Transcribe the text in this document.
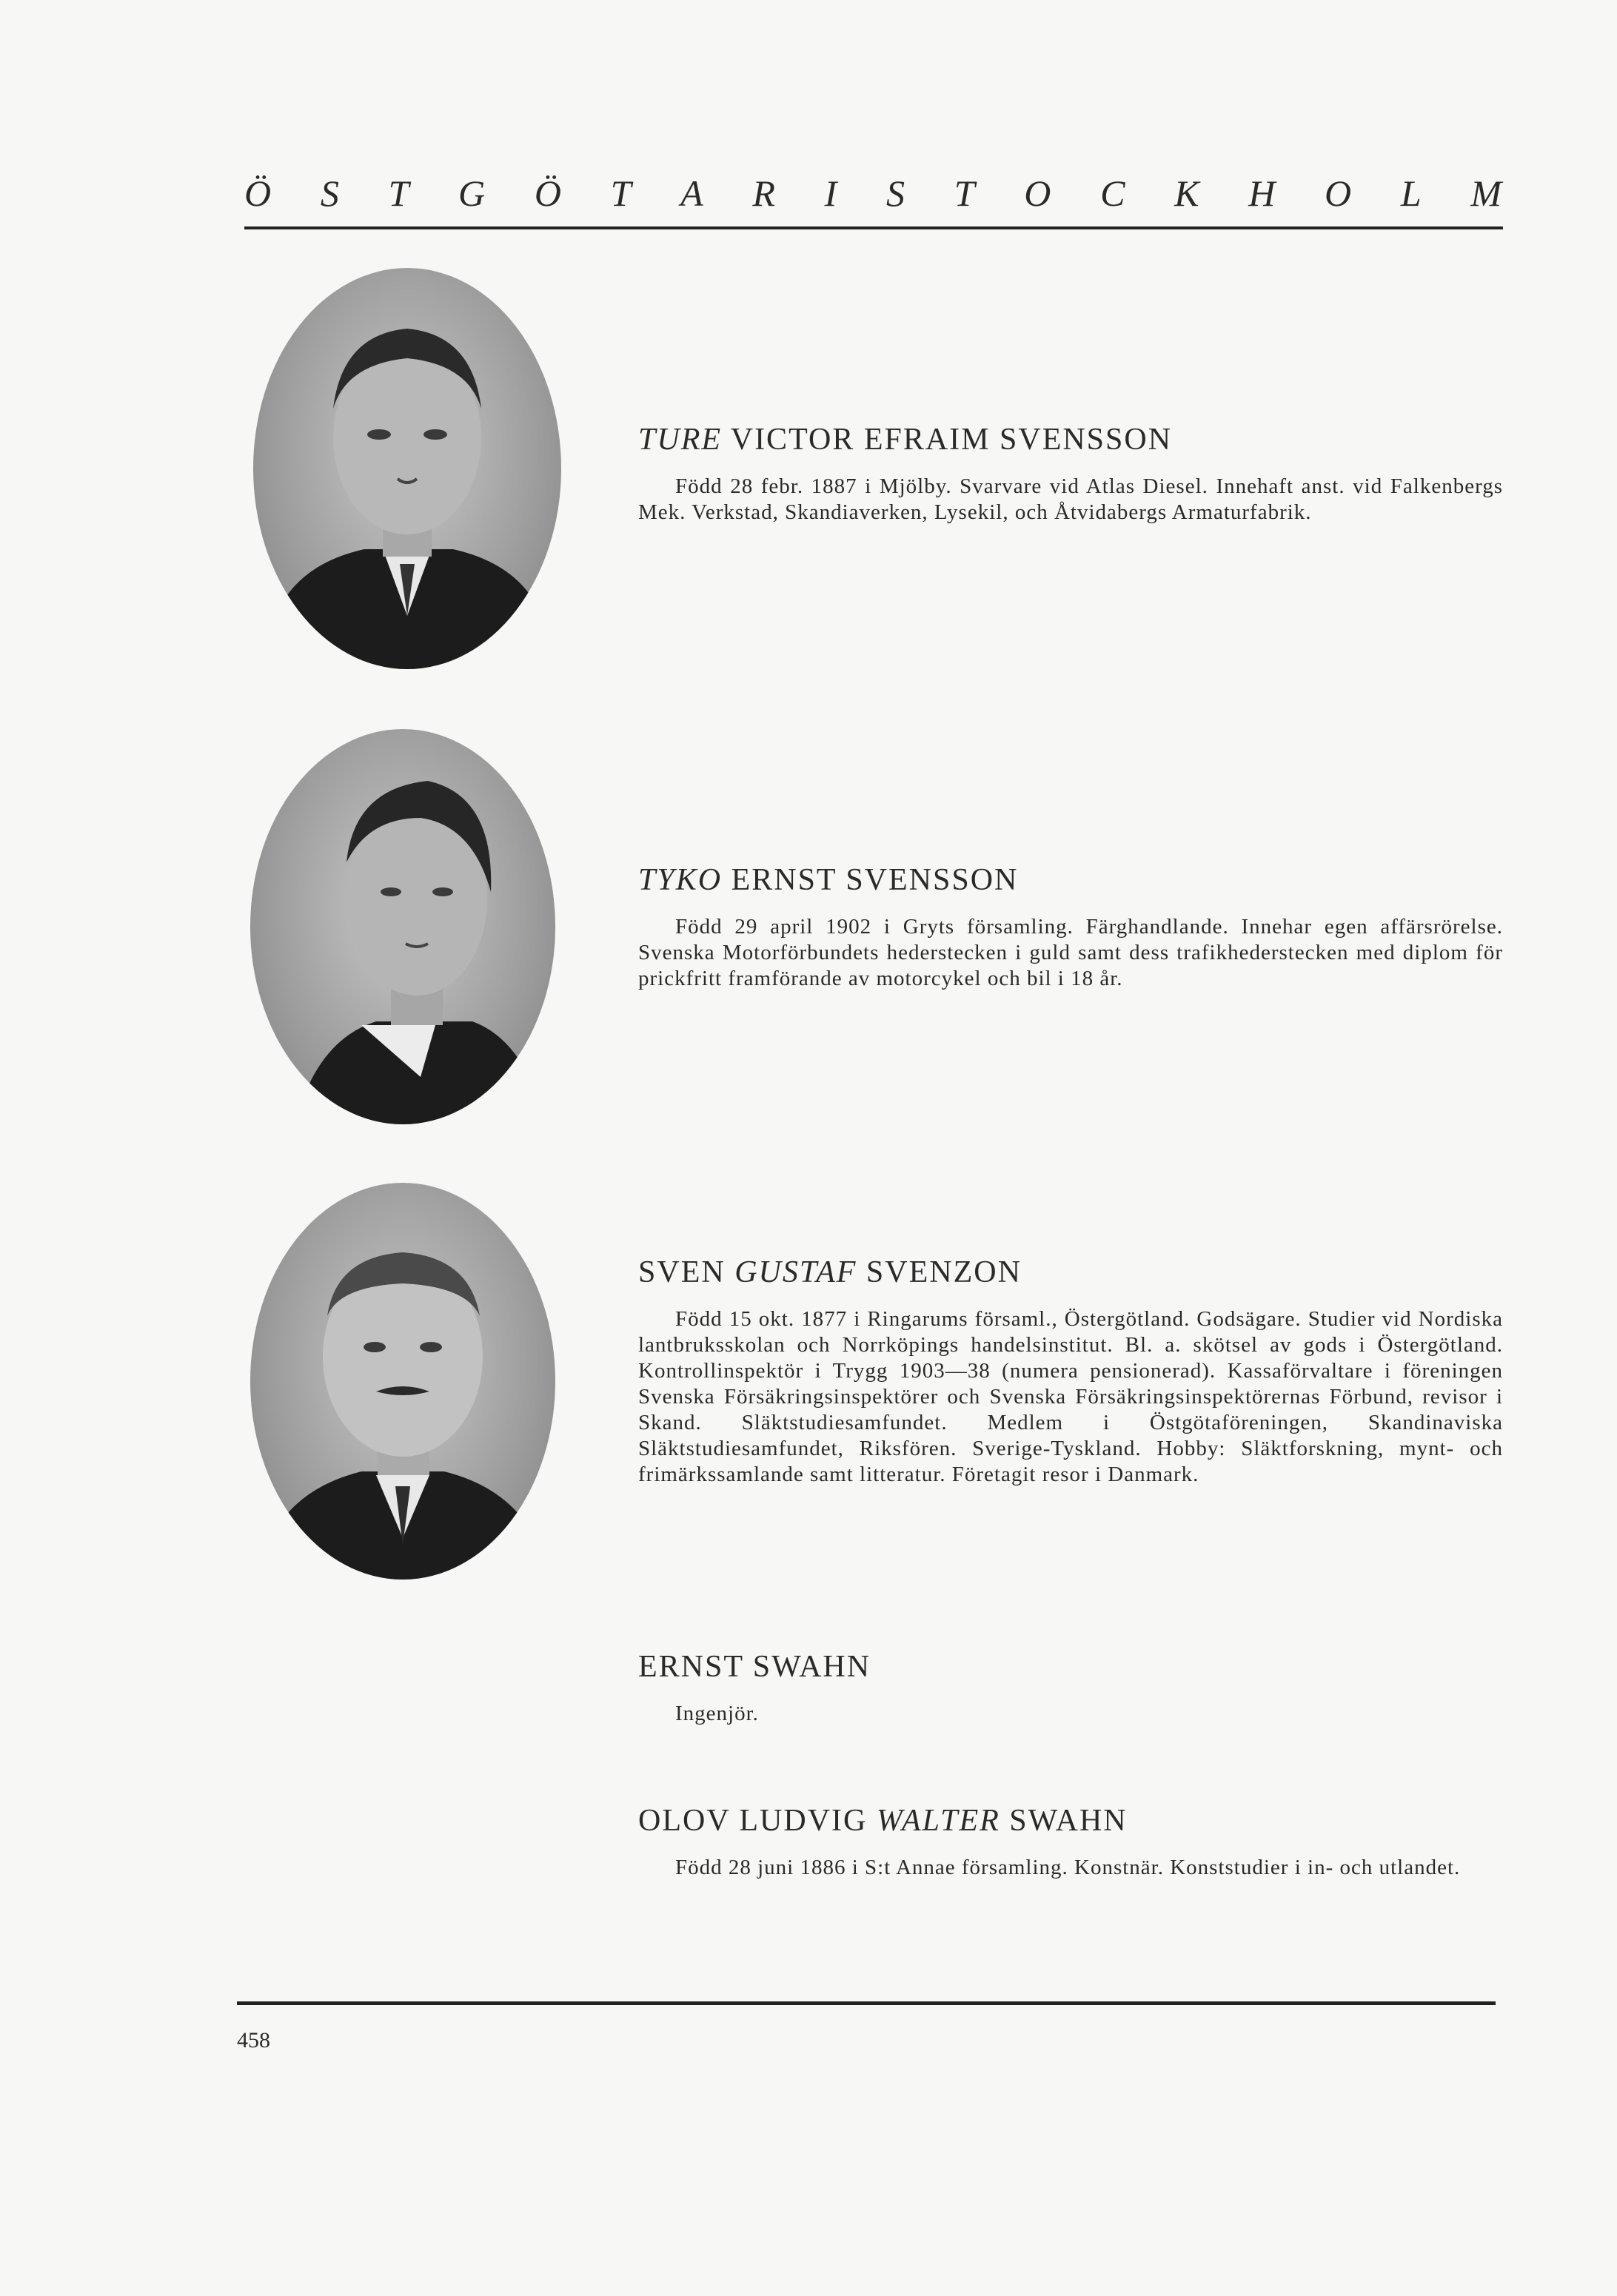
Ö S T G Ö T A R I S T O C K H O L M

TURE VICTOR EFRAIM SVENSSON

Född 28 febr. 1887 i Mjölby. Svarvare vid Atlas Diesel. Innehaft anst. vid Falkenbergs Mek. Verkstad, Skandiaverken, Lysekil, och Åtvidabergs Armaturfabrik.

TYKO ERNST SVENSSON

Född 29 april 1902 i Gryts församling. Färghandlande. Innehar egen affärsrörelse. Svenska Motorförbundets hederstecken i guld samt dess trafikhederstecken med diplom för prickfritt framförande av motorcykel och bil i 18 år.

SVEN GUSTAF SVENZON

Född 15 okt. 1877 i Ringarums församl., Östergötland. Godsägare. Studier vid Nordiska lantbruksskolan och Norrköpings handelsinstitut. Bl. a. skötsel av gods i Östergötland. Kontrollinspektör i Trygg 1903—38 (numera pensionerad). Kassaförvaltare i föreningen Svenska Försäkringsinspektörer och Svenska Försäkringsinspektörernas Förbund, revisor i Skand. Släktstudiesamfundet. Medlem i Östgötaföreningen, Skandinaviska Släktstudiesamfundet, Riksfören. Sverige-Tyskland. Hobby: Släktforskning, mynt- och frimärkssamlande samt litteratur. Företagit resor i Danmark.

ERNST SWAHN

Ingenjör.

OLOV LUDVIG WALTER SWAHN

Född 28 juni 1886 i S:t Annae församling. Konstnär. Konststudier i in- och utlandet.
458
